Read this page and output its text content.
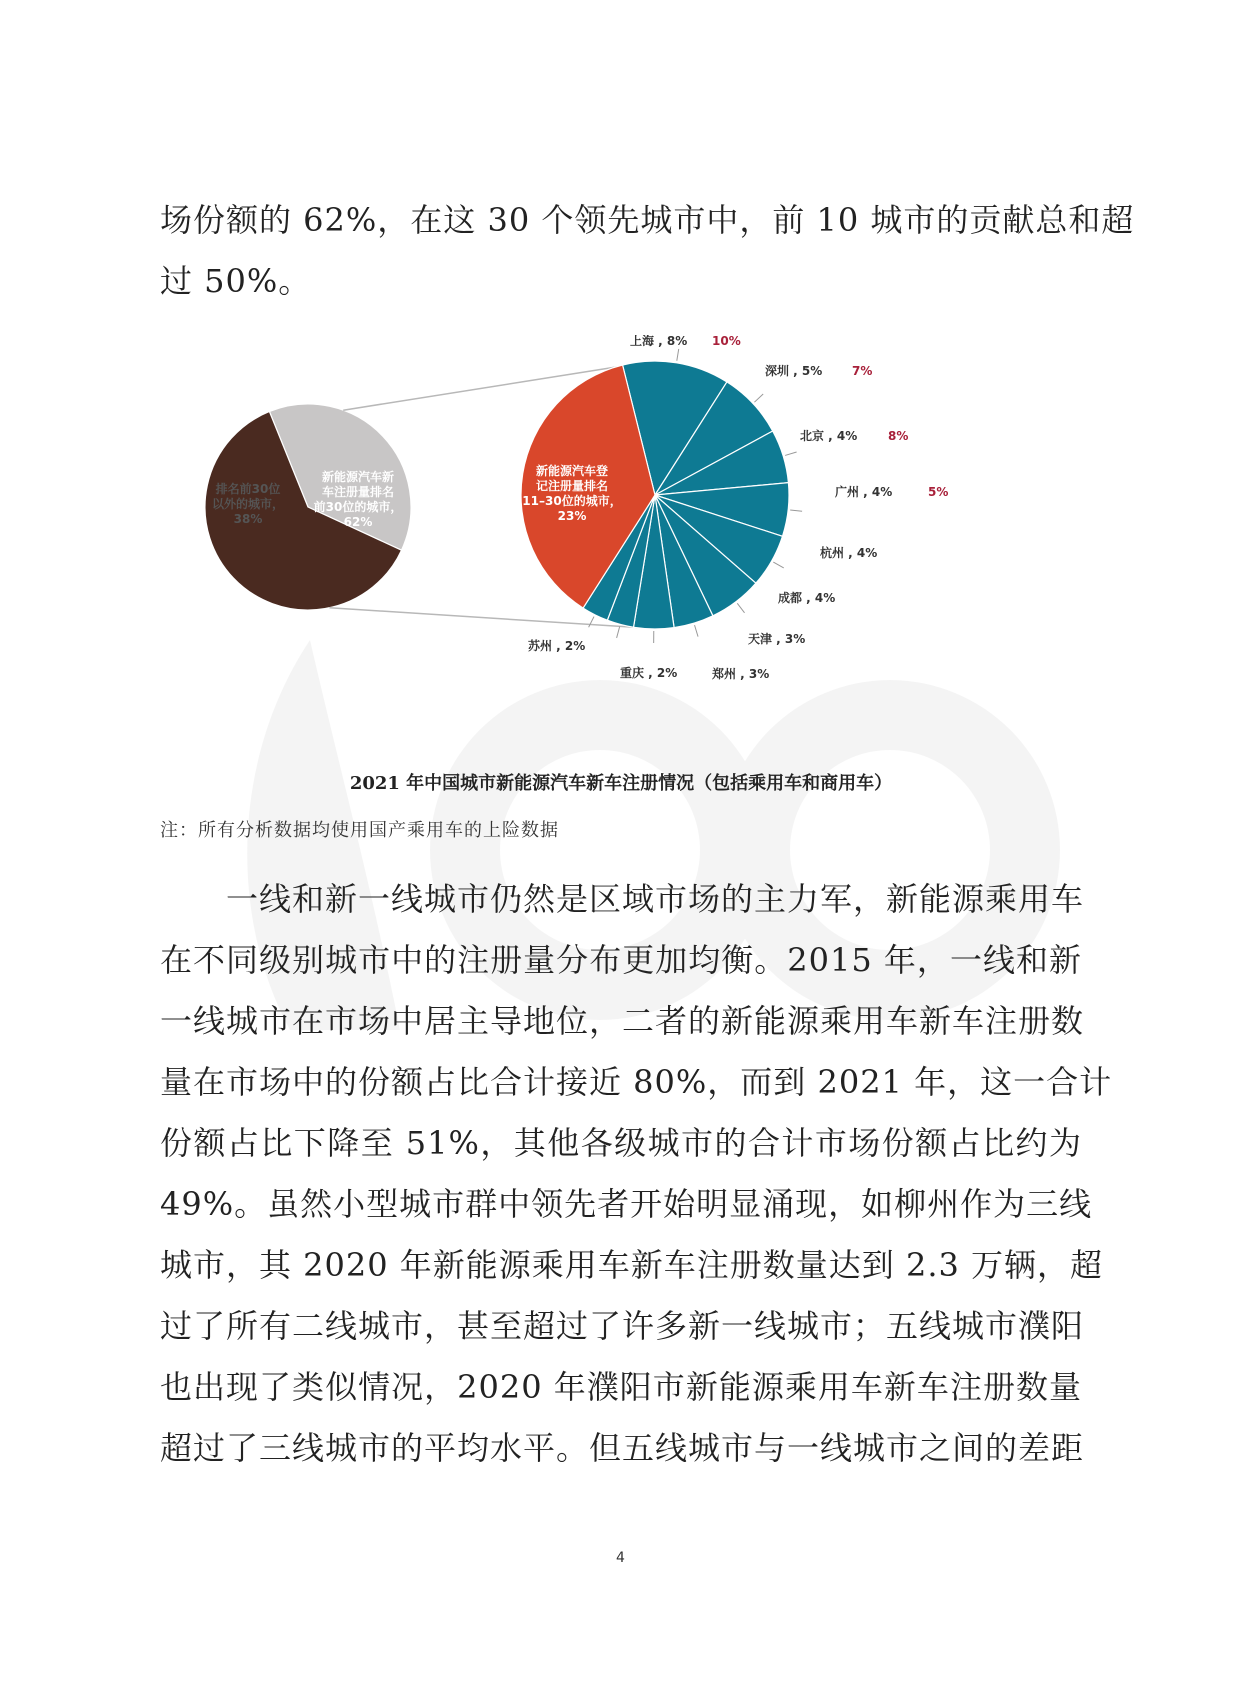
场份额的 62%，在这 30 个领先城市中，前 10 城市的贡献总和超
过 50%。
排名前30位以外的城市， 38%
新能源汽车新车注册量排名前30位的城市， 62%
上海 , 8% 10%
深圳 , 5% 7%
北京 , 4%	8%
广州 , 4%	5%
杭州 , 4%
成都 , 4%
天津 , 3%
郑州 , 3%
重庆 , 2%
苏州 , 2%
新能源汽车登记注册量排名 11–30位的城市， 23%
2021 年中国城市新能源汽车新车注册情况（包括乘用车和商用车）
注：所有分析数据均使用国产乘用车的上险数据
一线和新一线城市仍然是区域市场的主力军，新能源乘用车
在不同级别城市中的注册量分布更加均衡。2015 年，一线和新
一线城市在市场中居主导地位，二者的新能源乘用车新车注册数
量在市场中的份额占比合计接近 80%，而到 2021 年，这一合计
份额占比下降至 51%，其他各级城市的合计市场份额占比约为
49%。虽然小型城市群中领先者开始明显涌现，如柳州作为三线
城市，其 2020 年新能源乘用车新车注册数量达到 2.3 万辆，超
过了所有二线城市，甚至超过了许多新一线城市；五线城市濮阳
也出现了类似情况，2020 年濮阳市新能源乘用车新车注册数量
超过了三线城市的平均水平。但五线城市与一线城市之间的差距
4
